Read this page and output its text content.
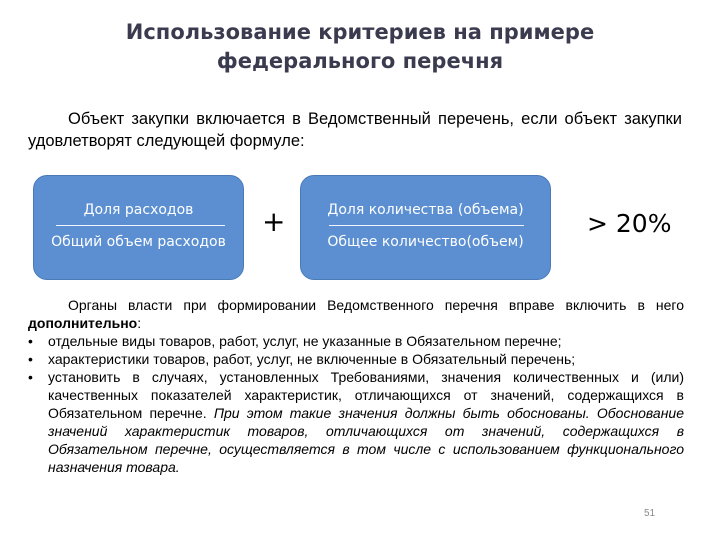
Использование критериев на примере
федерального перечня

Объект закупки включается в Ведомственный перечень, если объект закупки удовлетворят следующей формуле:

Доля расходов
Общий объем расходов
+	Доля количества (объема)
Общее количество(объем)
> 20%

Органы власти при формировании Ведомственного перечня вправе включить в него дополнительно:

• отдельные виды товаров, работ, услуг, не указанные в Обязательном перечне;
• характеристики товаров, работ, услуг, не включенные в Обязательный перечень;
• установить в случаях, установленных Требованиями, значения количественных и (или) качественных показателей характеристик, отличающихся от значений, содержащихся в Обязательном перечне. При этом такие значения должны быть обоснованы. Обоснование значений характеристик товаров, отличающихся от значений, содержащихся в Обязательном перечне, осуществляется в том числе с использованием функционального назначения товара.
51
